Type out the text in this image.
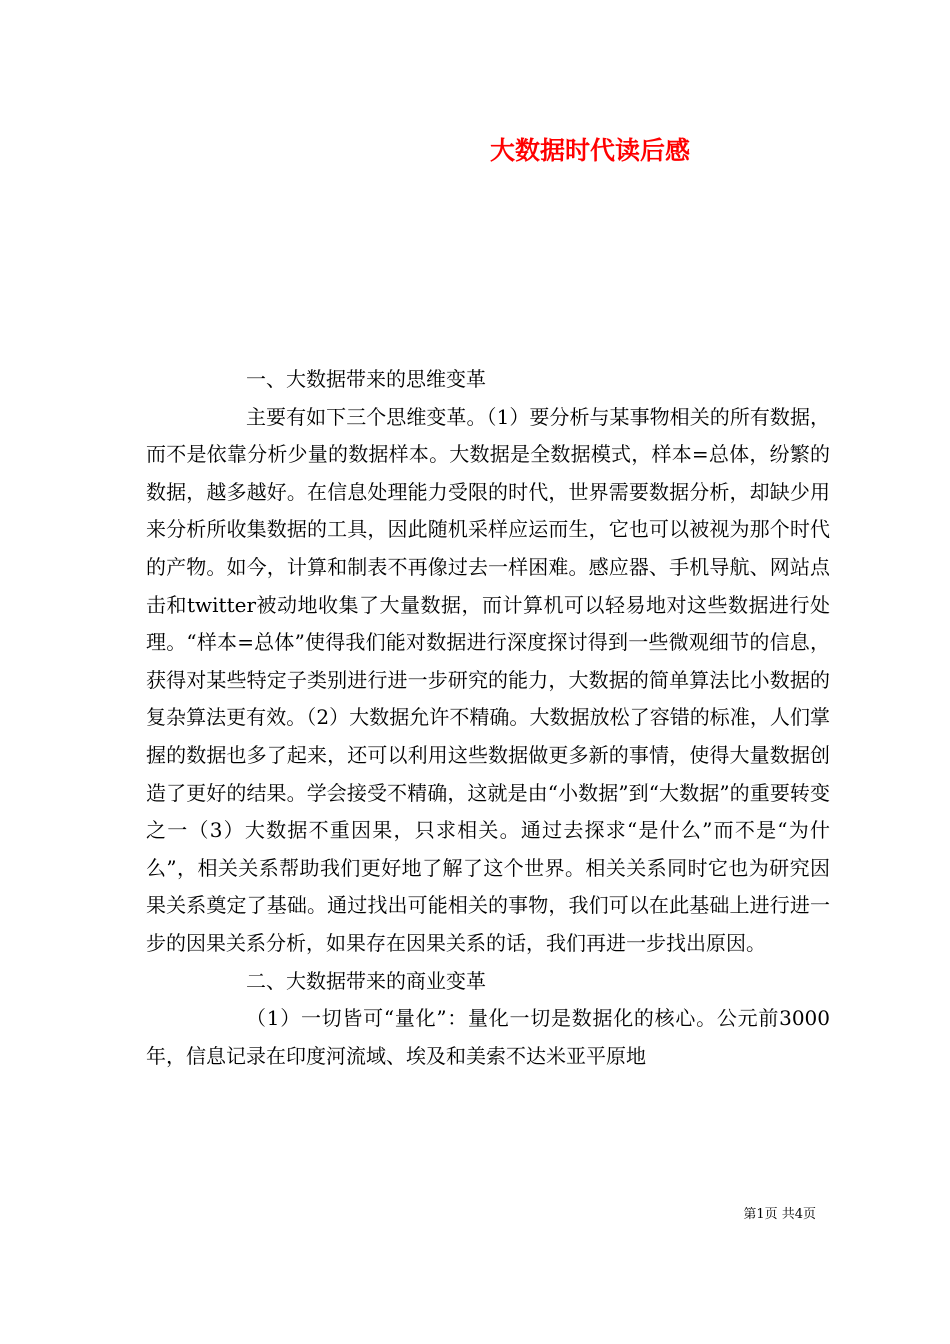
大数据时代读后感

一、大数据带来的思维变革

主要有如下三个思维变革。（1）要分析与某事物相关的所有数据，而不是依靠分析少量的数据样本。大数据是全数据模式，样本=总体，纷繁的数据，越多越好。在信息处理能力受限的时代，世界需要数据分析，却缺少用来分析所收集数据的工具，因此随机采样应运而生，它也可以被视为那个时代的产物。如今，计算和制表不再像过去一样困难。感应器、手机导航、网站点击和twitter被动地收集了大量数据，而计算机可以轻易地对这些数据进行处理。“样本=总体”使得我们能对数据进行深度探讨得到一些微观细节的信息，获得对某些特定子类别进行进一步研究的能力，大数据的简单算法比小数据的复杂算法更有效。（2）大数据允许不精确。大数据放松了容错的标准，人们掌握的数据也多了起来，还可以利用这些数据做更多新的事情，使得大量数据创造了更好的结果。学会接受不精确，这就是由“小数据”到“大数据”的重要转变之一（3）大数据不重因果，只求相关。通过去探求“是什么”而不是“为什么”，相关关系帮助我们更好地了解了这个世界。相关关系同时它也为研究因果关系奠定了基础。通过找出可能相关的事物，我们可以在此基础上进行进一步的因果关系分析，如果存在因果关系的话，我们再进一步找出原因。

二、大数据带来的商业变革

（1）一切皆可“量化”：量化一切是数据化的核心。公元前3000年，信息记录在印度河流域、埃及和美索不达米亚平原地

第1页 共4页
